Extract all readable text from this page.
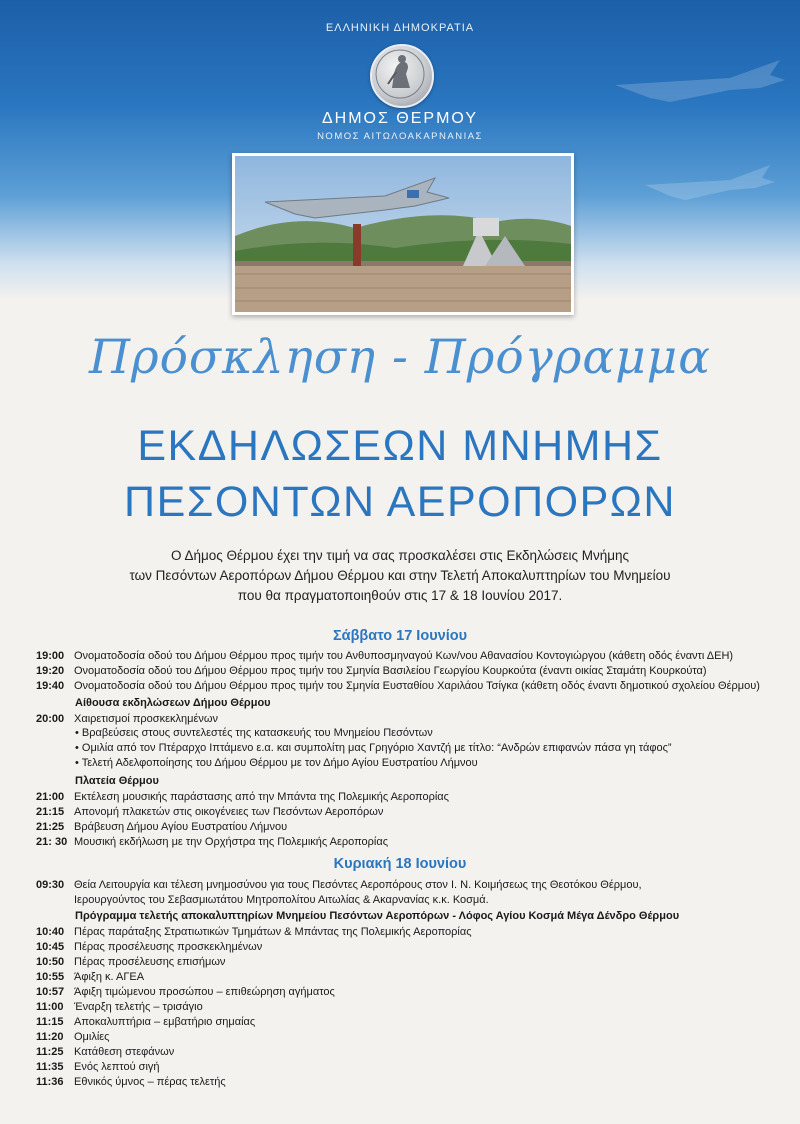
ΕΛΛΗΝΙΚΗ ΔΗΜΟΚΡΑΤΙΑ
ΔΗΜΟΣ ΘΕΡΜΟΥ
ΝΟΜΟΣ ΑΙΤΩΛΟΑΚΑΡΝΑΝΙΑΣ
Πρόσκληση - Πρόγραμμα
ΕΚΔΗΛΩΣΕΩΝ ΜΝΗΜΗΣ
ΠΕΣΟΝΤΩΝ ΑΕΡΟΠΟΡΩΝ
Ο Δήμος Θέρμου έχει την τιμή να σας προσκαλέσει στις Εκδηλώσεις Μνήμης
των Πεσόντων Αεροπόρων Δήμου Θέρμου και στην Τελετή Αποκαλυπτηρίων του Μνημείου
που θα πραγματοποιηθούν στις 17 & 18 Ιουνίου 2017.
Σάββατο 17 Ιουνίου
19:00 Ονοματοδοσία οδού του Δήμου Θέρμου προς τιμήν του Ανθυποσμηναγού Κων/νου Αθανασίου Κοντογιώργου (κάθετη οδός έναντι ΔΕΗ)
19:20 Ονοματοδοσία οδού του Δήμου Θέρμου προς τιμήν του Σμηνία Βασιλείου Γεωργίου Κουρκούτα (έναντι οικίας Σταμάτη Κουρκούτα)
19:40 Ονοματοδοσία οδού του Δήμου Θέρμου προς τιμήν του Σμηνία Ευσταθίου Χαριλάου Τσίγκα (κάθετη οδός έναντι δημοτικού σχολείου Θέρμου)
Αίθουσα εκδηλώσεων Δήμου Θέρμου
20:00 Χαιρετισμοί προσκεκλημένων
• Βραβεύσεις στους συντελεστές της κατασκευής του Μνημείου Πεσόντων
• Ομιλία από τον Πτέραρχο Ιπτάμενο ε.α. και συμπολίτη μας Γρηγόριο Χαντζή με τίτλο: “Ανδρών επιφανών πάσα γη τάφος”
• Τελετή Αδελφοποίησης του Δήμου Θέρμου με τον Δήμο Αγίου Ευστρατίου Λήμνου
Πλατεία Θέρμου
21:00 Εκτέλεση μουσικής παράστασης από την Μπάντα της Πολεμικής Αεροπορίας
21:15 Απονομή πλακετών στις οικογένειες των Πεσόντων Αεροπόρων
21:25 Βράβευση Δήμου Αγίου Ευστρατίου Λήμνου
21: 30 Μουσική εκδήλωση με την Ορχήστρα της Πολεμικής Αεροπορίας
Κυριακή 18 Ιουνίου
09:30 Θεία Λειτουργία και τέλεση μνημοσύνου για τους Πεσόντες Αεροπόρους στον Ι. Ν. Κοιμήσεως της Θεοτόκου Θέρμου,
Ιερουργούντος του Σεβασμιωτάτου Μητροπολίτου Αιτωλίας & Ακαρνανίας κ.κ. Κοσμά.
Πρόγραμμα τελετής αποκαλυπτηρίων Μνημείου Πεσόντων Αεροπόρων - Λόφος Αγίου Κοσμά Μέγα Δένδρο Θέρμου
10:40 Πέρας παράταξης Στρατιωτικών Τμημάτων & Μπάντας της Πολεμικής Αεροπορίας
10:45 Πέρας προσέλευσης προσκεκλημένων
10:50 Πέρας προσέλευσης επισήμων
10:55 Άφιξη κ. ΑΓΕΑ
10:57 Άφιξη τιμώμενου προσώπου – επιθεώρηση αγήματος
11:00 Έναρξη τελετής – τρισάγιο
11:15 Αποκαλυπτήρια – εμβατήριο σημαίας
11:20 Ομιλίες
11:25 Κατάθεση στεφάνων
11:35 Ενός λεπτού σιγή
11:36 Εθνικός ύμνος – πέρας τελετής
